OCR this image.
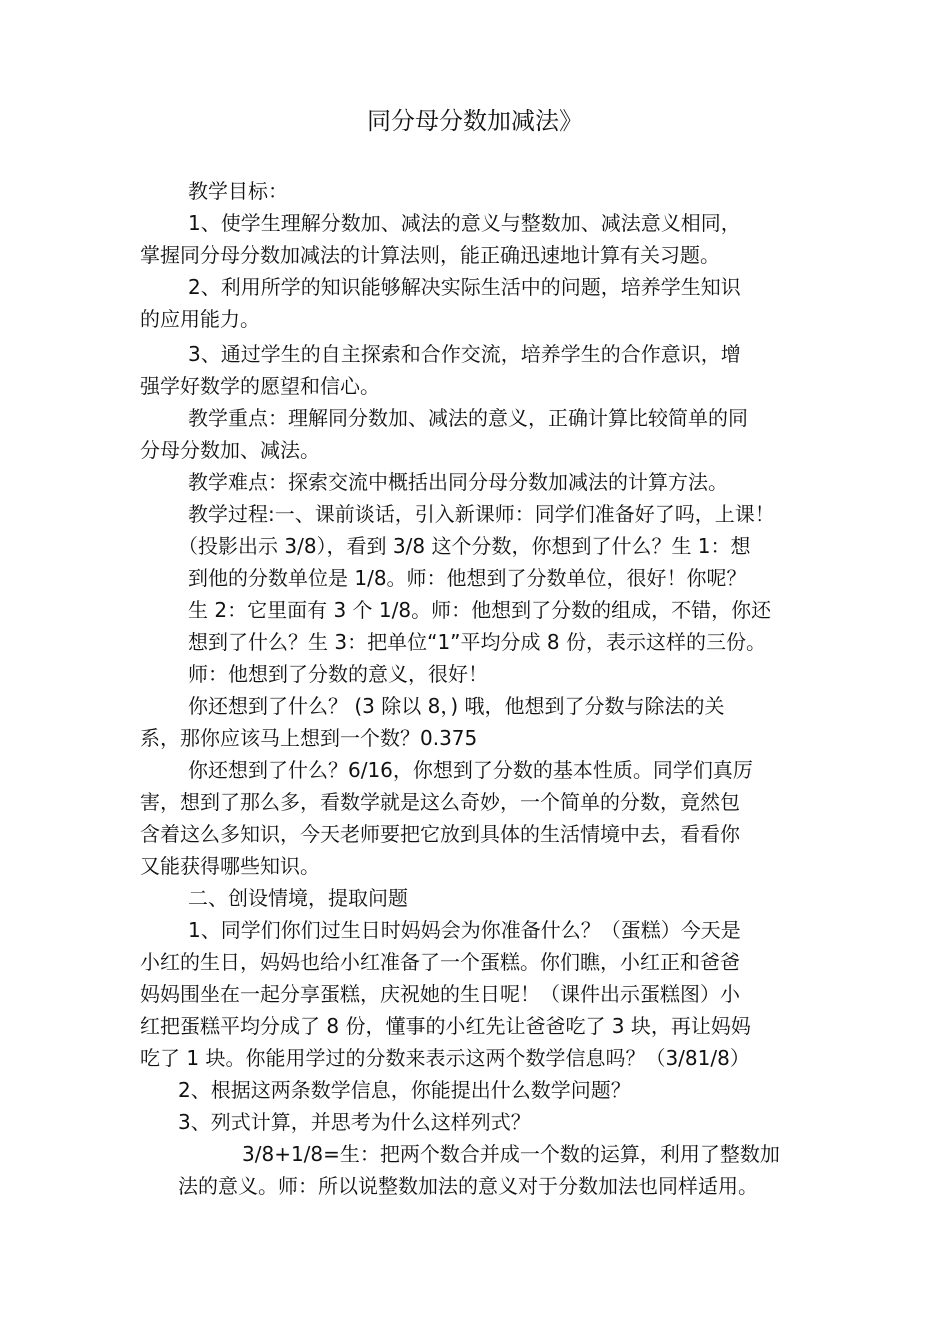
同分母分数加减法》
教学目标：
1、使学生理解分数加、减法的意义与整数加、减法意义相同，
掌握同分母分数加减法的计算法则，能正确迅速地计算有关习题。
2、利用所学的知识能够解决实际生活中的问题，培养学生知识
的应用能力。
3、通过学生的自主探索和合作交流，培养学生的合作意识，增
强学好数学的愿望和信心。
教学重点：理解同分数加、减法的意义，正确计算比较简单的同
分母分数加、减法。
教学难点：探索交流中概括出同分母分数加减法的计算方法。
教学过程:一、课前谈话，引入新课师：同学们准备好了吗，上课！
（投影出示 3/8），看到 3/8 这个分数，你想到了什么？生 1：想
到他的分数单位是 1/8。师：他想到了分数单位，很好！你呢？
生 2：它里面有 3 个 1/8。师：他想到了分数的组成，不错，你还
想到了什么？生 3：把单位“1”平均分成 8 份，表示这样的三份。
师：他想到了分数的意义，很好！
你还想到了什么？ (3 除以 8，) 哦，他想到了分数与除法的关
系，那你应该马上想到一个数？0.375
你还想到了什么？6/16，你想到了分数的基本性质。同学们真厉
害，想到了那么多，看数学就是这么奇妙，一个简单的分数，竟然包
含着这么多知识，今天老师要把它放到具体的生活情境中去，看看你
又能获得哪些知识。
二、创设情境，提取问题
1、同学们你们过生日时妈妈会为你准备什么？（蛋糕）今天是
小红的生日，妈妈也给小红准备了一个蛋糕。你们瞧，小红正和爸爸
妈妈围坐在一起分享蛋糕，庆祝她的生日呢！（课件出示蛋糕图）小
红把蛋糕平均分成了 8 份，懂事的小红先让爸爸吃了 3 块，再让妈妈
吃了 1 块。你能用学过的分数来表示这两个数学信息吗？（3/81/8）
2、根据这两条数学信息，你能提出什么数学问题？
3、列式计算，并思考为什么这样列式？
3/8+1/8=生：把两个数合并成一个数的运算，利用了整数加
法的意义。师：所以说整数加法的意义对于分数加法也同样适用。
